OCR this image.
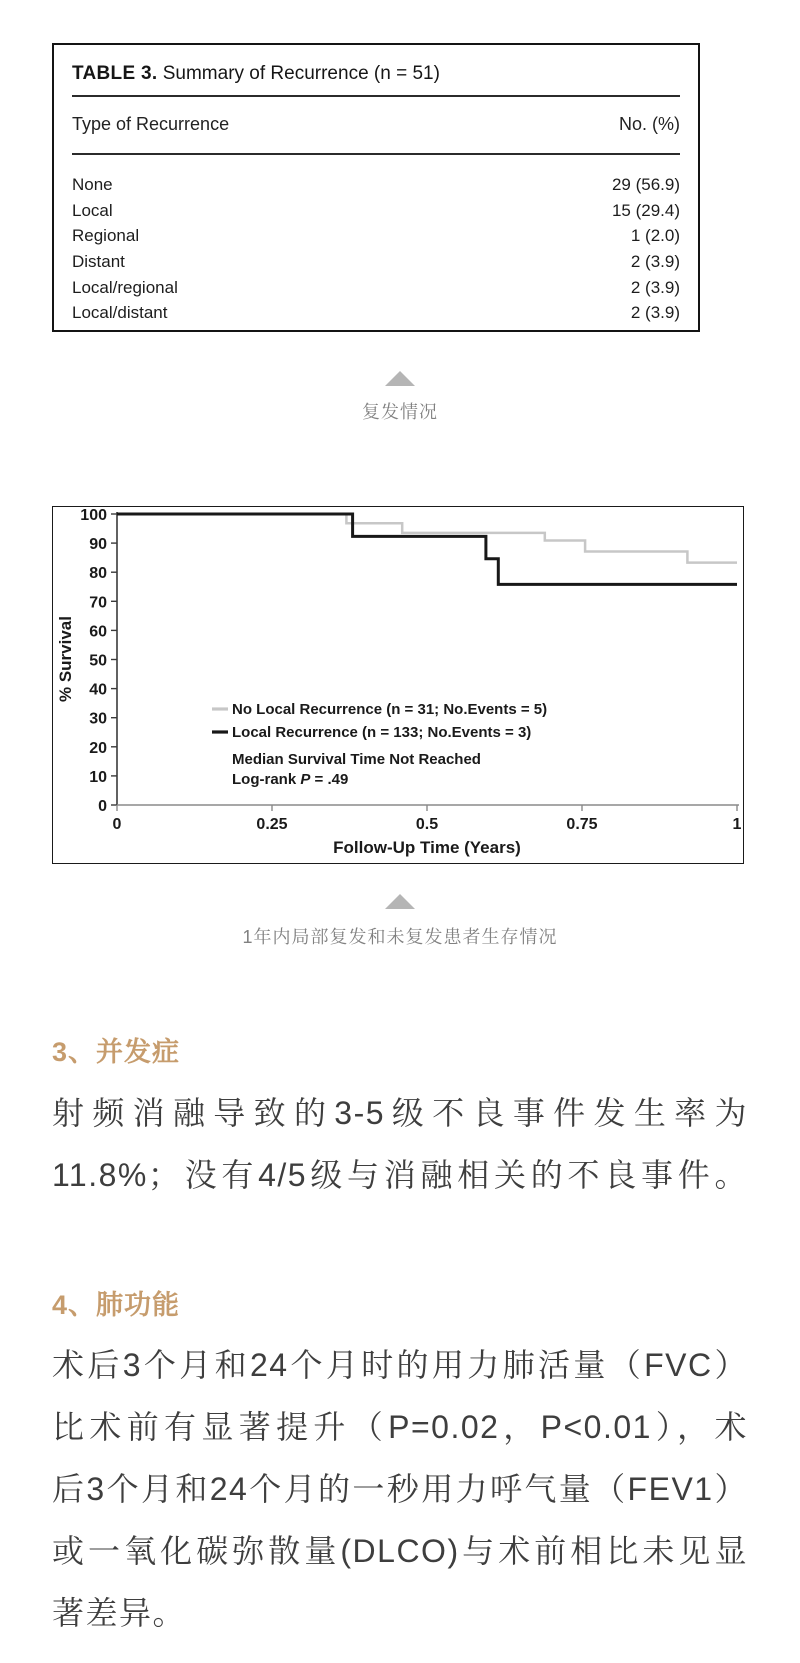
TABLE 3. Summary of Recurrence (n = 51)
Type of Recurrence	No. (%)
None	29 (56.9)
Local	15 (29.4)
Regional	1 (2.0)
Distant	2 (3.9)
Local/regional	2 (3.9)
Local/distant	2 (3.9)
复发情况
0
10
20
30
40
50
60
70
80
90
100
0	0.25	0.5	0.75	1
Follow-Up Time (Years)
% Survival
No Local Recurrence (n = 31; No.Events = 5)
Local Recurrence (n = 133; No.Events = 3)
Median Survival Time Not Reached
Log-rank P = .49
1年内局部复发和未复发患者生存情况
3、并发症
射频消融导致的3-5级不良事件发生率为
11.8%；没有4/5级与消融相关的不良事件。
4、肺功能
术后3个月和24个月时的用力肺活量（FVC）
比术前有显著提升（P=0.02，P<0.01），术
后3个月和24个月的一秒用力呼气量（FEV1）
或一氧化碳弥散量(DLCO)与术前相比未见显
著差异。
